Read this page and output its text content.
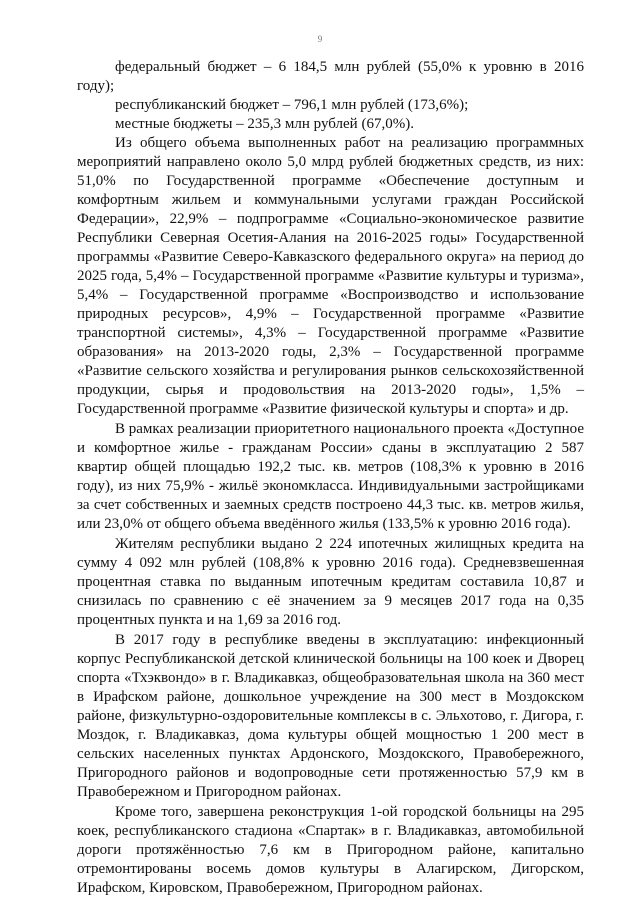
9

федеральный бюджет – 6 184,5 млн рублей (55,0% к уровню в 2016 году);

республиканский бюджет – 796,1 млн рублей (173,6%);

местные бюджеты – 235,3 млн рублей (67,0%).

Из общего объема выполненных работ на реализацию программных мероприятий направлено около 5,0 млрд рублей бюджетных средств, из них: 51,0% по Государственной программе «Обеспечение доступным и комфортным жильем и коммунальными услугами граждан Российской Федерации», 22,9% – подпрограмме «Социально-экономическое развитие Республики Северная Осетия-Алания на 2016-2025 годы» Государственной программы «Развитие Северо-Кавказского федерального округа» на период до 2025 года, 5,4% – Государственной программе «Развитие культуры и туризма», 5,4% – Государственной программе «Воспроизводство и использование природных ресурсов», 4,9% – Государственной программе «Развитие транспортной системы», 4,3% – Государственной программе «Развитие образования» на 2013-2020 годы, 2,3% – Государственной программе «Развитие сельского хозяйства и регулирования рынков сельскохозяйственной продукции, сырья и продовольствия на 2013-2020 годы», 1,5% – Государственной программе «Развитие физической культуры и спорта» и др.

В рамках реализации приоритетного национального проекта «Доступное и комфортное жилье - гражданам России» сданы в эксплуатацию 2 587 квартир общей площадью 192,2 тыс. кв. метров (108,3% к уровню в 2016 году), из них 75,9% - жильё экономкласса. Индивидуальными застройщиками за счет собственных и заемных средств построено 44,3 тыс. кв. метров жилья, или 23,0% от общего объема введённого жилья (133,5% к уровню 2016 года).

Жителям республики выдано 2 224 ипотечных жилищных кредита на сумму 4 092 млн рублей (108,8% к уровню 2016 года). Средневзвешенная процентная ставка по выданным ипотечным кредитам составила 10,87 и снизилась по сравнению с её значением за 9 месяцев 2017 года на 0,35 процентных пункта и на 1,69 за 2016 год.

В 2017 году в республике введены в эксплуатацию: инфекционный корпус Республиканской детской клинической больницы на 100 коек и Дворец спорта «Тхэквондо» в г. Владикавказ, общеобразовательная школа на 360 мест в Ирафском районе, дошкольное учреждение на 300 мест в Моздокском районе, физкультурно-оздоровительные комплексы в с. Эльхотово, г. Дигора, г. Моздок, г. Владикавказ, дома культуры общей мощностью 1 200 мест в сельских населенных пунктах Ардонского, Моздокского, Правобережного, Пригородного районов и водопроводные сети протяженностью 57,9 км в Правобережном и Пригородном районах.

Кроме того, завершена реконструкция 1-ой городской больницы на 295 коек, республиканского стадиона «Спартак» в г. Владикавказ, автомобильной дороги протяжённостью 7,6 км в Пригородном районе, капитально отремонтированы восемь домов культуры в Алагирском, Дигорском, Ирафском, Кировском, Правобережном, Пригородном районах.
